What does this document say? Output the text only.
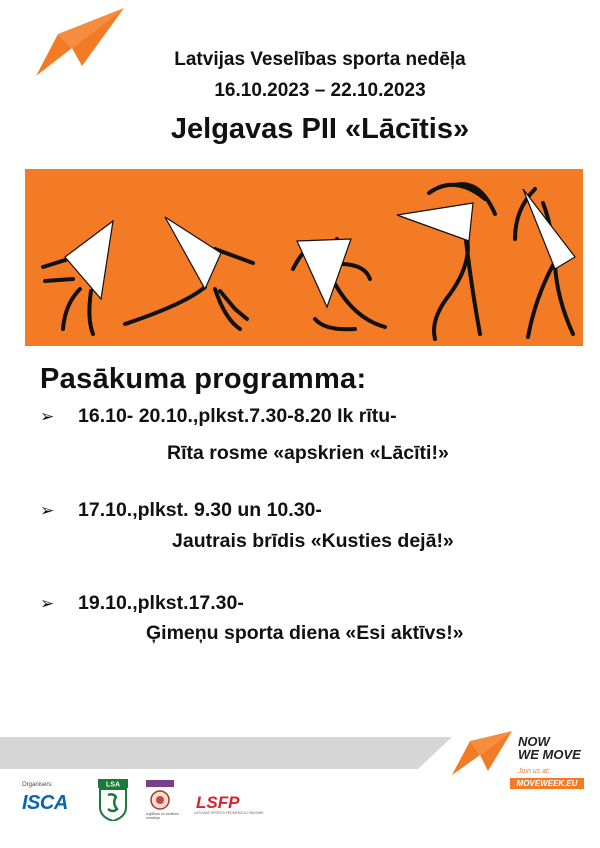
Latvijas Veselības sporta nedēļa
16.10.2023 – 22.10.2023
Jelgavas PII «Lācītis»
Pasākuma programma:
➢ 16.10- 20.10.,plkst.7.30-8.20 Ik rītu-
Rīta rosme «apskrien «Lācīti!»
➢ 17.10.,plkst. 9.30 un 10.30-
Jautrais brīdis «Kusties dejā!»
➢ 19.10.,plkst.17.30-
Ģimeņu sporta diena «Esi aktīvs!»
NOW
WE MOVE
Join us at:
MOVEWEEK.EU
Organisers:
ISCA
LSA
Izglītības un zinātnes ministrija
LSFP
LATVIJAS SPORTA FEDERĀCIJU PADOME
